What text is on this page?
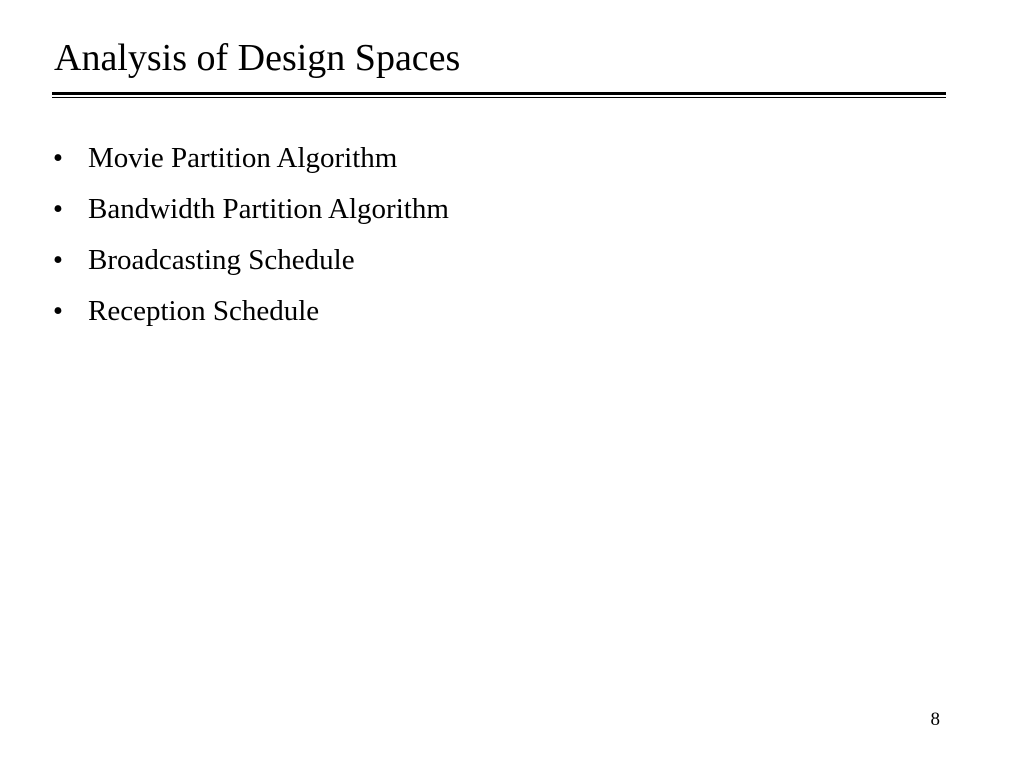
Analysis of Design Spaces
• Movie Partition Algorithm
• Bandwidth Partition Algorithm
• Broadcasting Schedule
• Reception Schedule
8
